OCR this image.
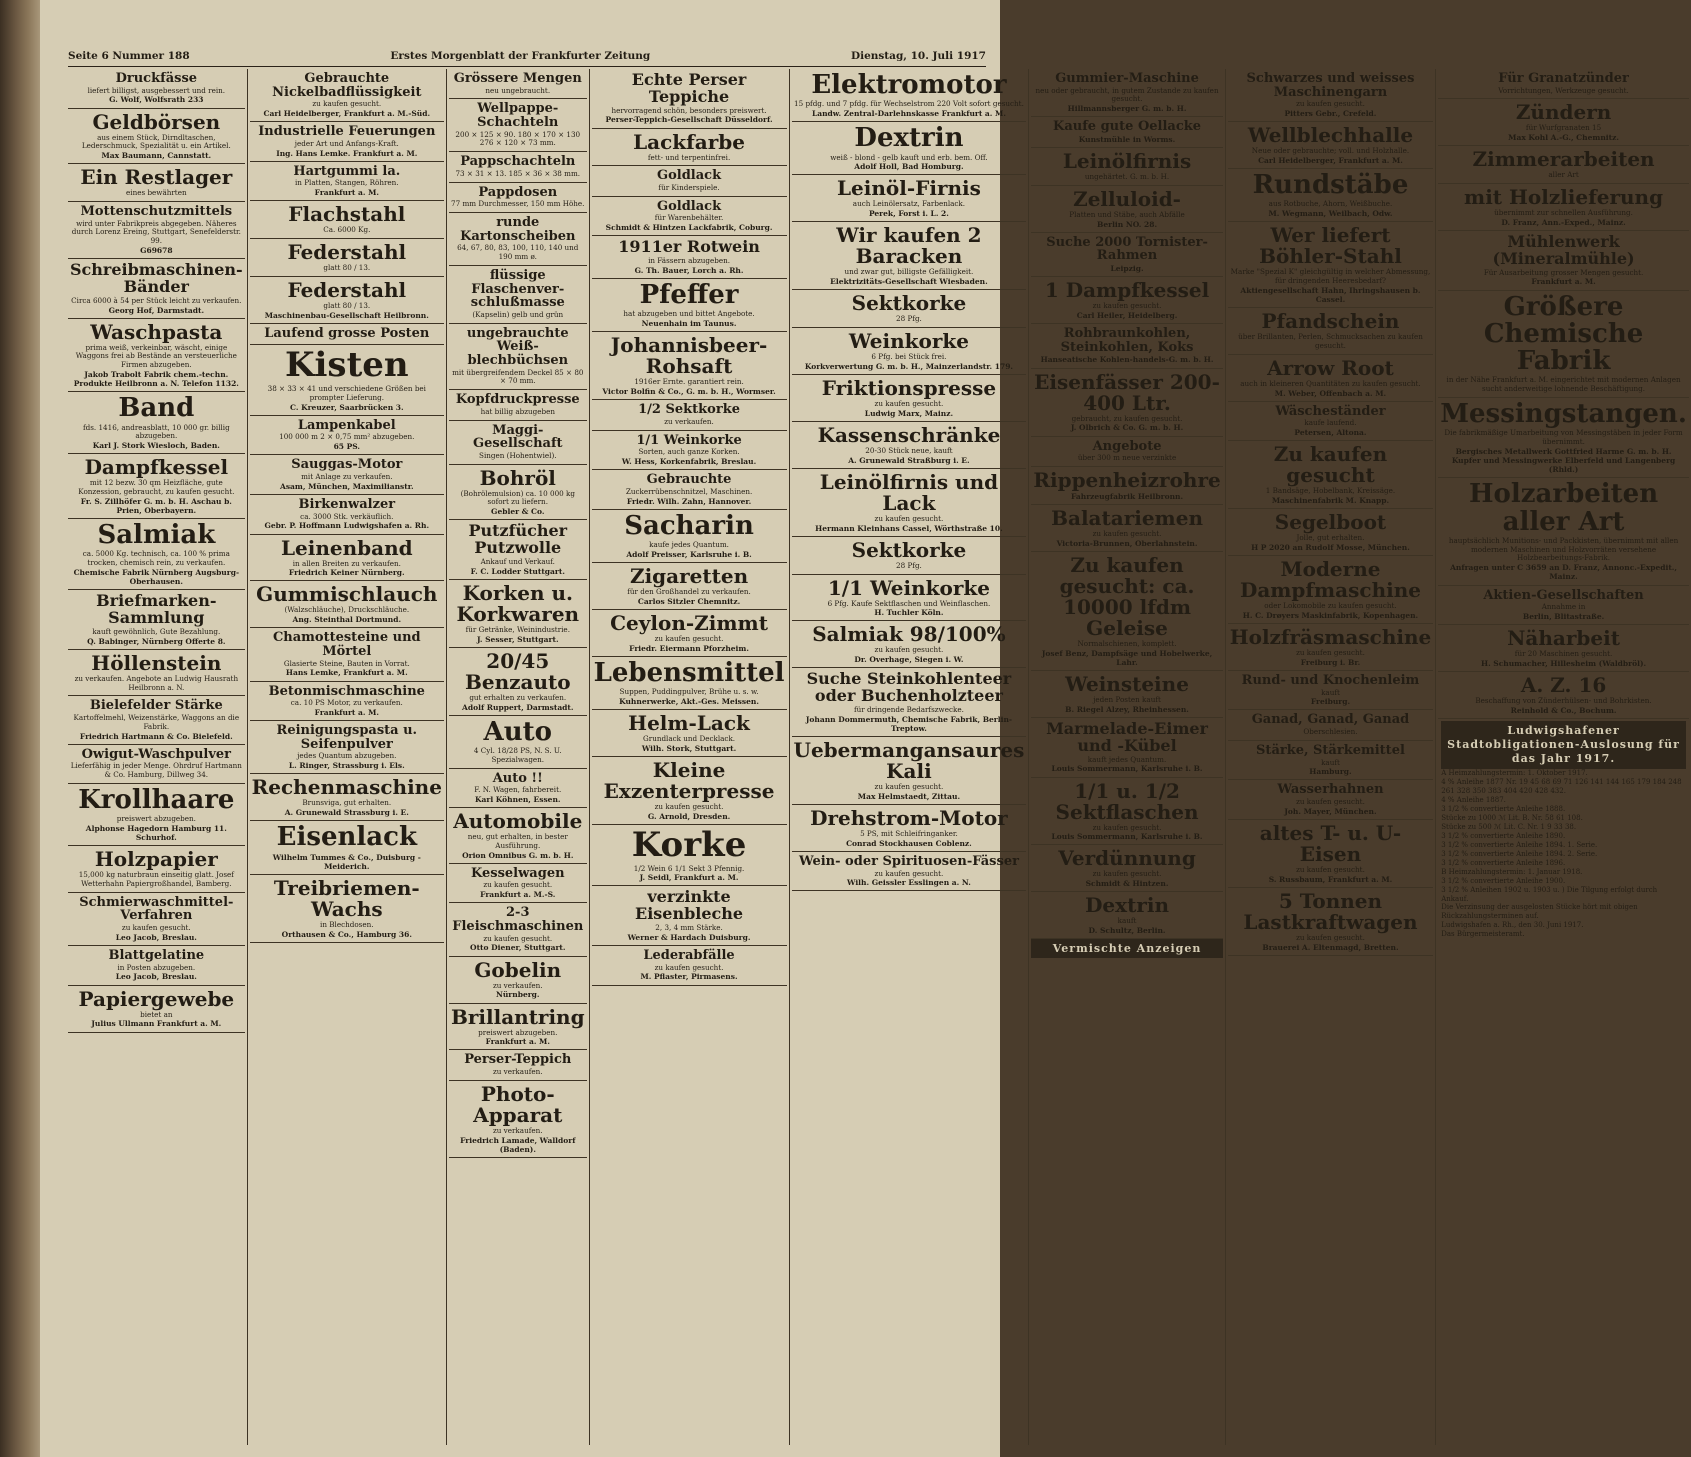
Seite 6 Nummer 188	Erstes Morgenblatt der Frankfurter Zeitung	Dienstag, 10. Juli 1917
Druckfässe
liefert billigst, ausgebessert und rein.
G. Wolf, Wolfsrath 233
Geldbörsen
aus einem Stück, Dirndltaschen, Lederschmuck, Spezialität u. ein Artikel.
Max Baumann, Cannstatt.
Ein Restlager
eines bewährten
Mottenschutzmittels
wird unter Fabrikpreis abgegeben. Näheres durch Lorenz Ereing, Stuttgart, Senefelderstr. 99.
G69678
Schreibmaschinen-Bänder
Circa 6000 à 54 per Stück leicht zu verkaufen.
Georg Hof, Darmstadt.
Waschpasta
prima weiß, verkeinbar, wäscht, einige Waggons frei ab Bestände an versteuerliche Firmen abzugeben.
Jakob Trabolt Fabrik chem.-techn. Produkte Heilbronn a. N. Telefon 1132.
Band
fds. 1416, andreasblatt, 10 000 gr. billig abzugeben.
Karl J. Stork Wiesloch, Baden.
Dampfkessel
mit 12 bezw. 30 qm Heizfläche, gute Konzession, gebraucht, zu kaufen gesucht.
Fr. S. Zillhöfer G. m. b. H. Aschau b. Prien, Oberbayern.
Salmiak
ca. 5000 Kg. technisch, ca. 100 % prima trocken, chemisch rein, zu verkaufen.
Chemische Fabrik Nürnberg Augsburg-Oberhausen.
Briefmarken-Sammlung
kauft gewöhnlich, Gute Bezahlung.
Q. Babinger, Nürnberg Offerte 8.
Höllenstein
zu verkaufen. Angebote an Ludwig Hausrath Heilbronn a. N.
Bielefelder Stärke
Kartoffelmehl, Weizenstärke, Waggons an die Fabrik.
Friedrich Hartmann & Co. Bielefeld.
Owigut-Waschpulver
Lieferfähig in jeder Menge. Ohrdruf Hartmann & Co. Hamburg, Dillweg 34.
Krollhaare
preiswert abzugeben.
Alphonse Hagedorn Hamburg 11. Schurhof.
Holzpapier
15,000 kg naturbraun einseitig glatt. Josef Wetterhahn Papiergroßhandel, Bamberg.
Schmierwaschmittel-Verfahren
zu kaufen gesucht.
Leo Jacob, Breslau.
Blattgelatine
in Posten abzugeben.
Leo Jacob, Breslau.
Papiergewebe
bietet an
Julius Ullmann Frankfurt a. M.
Gebrauchte Nickelbadflüssigkeit
zu kaufen gesucht.
Carl Heidelberger, Frankfurt a. M.-Süd.
Industrielle Feuerungen
jeder Art und Anfangs-Kraft.
Ing. Hans Lemke. Frankfurt a. M.
Hartgummi la.
in Platten, Stangen, Röhren.
Frankfurt a. M.
Flachstahl
Ca. 6000 Kg.
Federstahl
glatt 80 / 13.
Federstahl
glatt 80 / 13.
Maschinenbau-Gesellschaft Heilbronn.
Laufend grosse Posten
Kisten
38 × 33 × 41 und verschiedene Größen bei prompter Lieferung.
C. Kreuzer, Saarbrücken 3.
Lampenkabel
100 000 m 2 × 0,75 mm² abzugeben.
65 PS.
Sauggas-Motor
mit Anlage zu verkaufen.
Asam, München, Maximilianstr.
Birkenwalzer
ca. 3000 Stk. verkäuflich.
Gebr. P. Hoffmann Ludwigshafen a. Rh.
Leinenband
in allen Breiten zu verkaufen.
Friedrich Keiner Nürnberg.
Gummischlauch
(Walzschläuche), Druckschläuche.
Ang. Steinthal Dortmund.
Chamottesteine und Mörtel
Glasierte Steine, Bauten in Vorrat.
Hans Lemke, Frankfurt a. M.
Betonmischmaschine
ca. 10 PS Motor, zu verkaufen.
Frankfurt a. M.
Reinigungspasta u. Seifenpulver
jedes Quantum abzugeben.
L. Ringer, Strassburg i. Els.
Rechenmaschine
Brunsviga, gut erhalten.
A. Grunewald Strassburg i. E.
Eisenlack
Wilhelm Tummes & Co., Duisburg - Meiderich.
Treibriemen-Wachs
in Blechdosen.
Orthausen & Co., Hamburg 36.
Grössere Mengen
neu ungebraucht.
Wellpappe-Schachteln
200 × 125 × 90. 180 × 170 × 130 276 × 120 × 73 mm.
Pappschachteln
73 × 31 × 13. 185 × 36 × 38 mm.
Pappdosen
77 mm Durchmesser, 150 mm Höhe.
runde Kartonscheiben
64, 67, 80, 83, 100, 110, 140 und 190 mm ø.
flüssige Flaschenver-schlußmasse
(Kapselin) gelb und grün
ungebrauchte Weiß-blechbüchsen
mit übergreifendem Deckel 85 × 80 × 70 mm.
Kopfdruckpresse
hat billig abzugeben
Maggi-Gesellschaft
Singen (Hohentwiel).
Bohröl
(Bohrölemulsion) ca. 10 000 kg sofort zu liefern.
Gebler & Co.
Putzfücher Putzwolle
Ankauf und Verkauf.
F. C. Lodder Stuttgart.
Korken u. Korkwaren
für Getränke, Weinindustrie.
J. Sesser, Stuttgart.
20/45 Benzauto
gut erhalten zu verkaufen.
Adolf Ruppert, Darmstadt.
Auto
4 Cyl. 18/28 PS, N. S. U. Spezialwagen.
Auto !!
F. N. Wagen, fahrbereit.
Karl Köhnen, Essen.
Automobile
neu, gut erhalten, in bester Ausführung.
Orion Omnibus G. m. b. H.
Kesselwagen
zu kaufen gesucht.
Frankfurt a. M.-S.
2-3 Fleischmaschinen
zu kaufen gesucht.
Otto Diener, Stuttgart.
Gobelin
zu verkaufen.
Nürnberg.
Brillantring
preiswert abzugeben.
Frankfurt a. M.
Perser-Teppich
zu verkaufen.
Photo-Apparat
zu verkaufen.
Friedrich Lamade, Walldorf (Baden).
Echte Perser Teppiche
hervorragend schön, besonders preiswert.
Perser-Teppich-Gesellschaft Düsseldorf.
Lackfarbe
fett- und terpentinfrei.
Goldlack
für Kinderspiele.
Goldlack
für Warenbehälter.
Schmidt & Hintzen Lackfabrik, Coburg.
1911er Rotwein
in Fässern abzugeben.
G. Th. Bauer, Lorch a. Rh.
Pfeffer
hat abzugeben und bittet Angebote.
Neuenhain im Taunus.
Johannisbeer-Rohsaft
1916er Ernte. garantiert rein.
Victor Bolfin & Co., G. m. b. H., Wormser.
1/2 Sektkorke
zu verkaufen.
1/1 Weinkorke
Sorten, auch ganze Korken.
W. Hess, Korkenfabrik, Breslau.
Gebrauchte
Zuckerrübenschnitzel, Maschinen.
Friedr. Wilh. Zahn, Hannover.
Sacharin
kaufe jedes Quantum.
Adolf Preisser, Karlsruhe i. B.
Zigaretten
für den Großhandel zu verkaufen.
Carlos Sitzler Chemnitz.
Ceylon-Zimmt
zu kaufen gesucht.
Friedr. Eiermann Pforzheim.
Lebensmittel
Suppen, Puddingpulver, Brühe u. s. w.
Kuhnerwerke, Akt.-Ges. Meissen.
Helm-Lack
Grundlack und Decklack.
Wilh. Stork, Stuttgart.
Kleine Exzenterpresse
zu kaufen gesucht.
G. Arnold, Dresden.
Korke
1/2 Wein 6 1/1 Sekt 3 Pfennig.
J. Seidl, Frankfurt a. M.
verzinkte Eisenbleche
2, 3, 4 mm Stärke.
Werner & Hardach Duisburg.
Lederabfälle
zu kaufen gesucht.
M. Pflaster, Pirmasens.
Elektromotor
15 pfdg. und 7 pfdg. für Wechselstrom 220 Volt sofort gesucht.
Landw. Zentral-Darlehnskasse Frankfurt a. M.
Dextrin
weiß - blond - gelb kauft und erb. bem. Off.
Adolf Holl, Bad Homburg.
Leinöl-Firnis
auch Leinölersatz, Farbenlack.
Perek, Forst i. L. 2.
Wir kaufen 2 Baracken
und zwar gut, billigste Gefälligkeit.
Elektrizitäts-Gesellschaft Wiesbaden.
Sektkorke
28 Pfg.
Weinkorke
6 Pfg. bei Stück frei.
Korkverwertung G. m. b. H., Mainzerlandstr. 179.
Friktionspresse
zu kaufen gesucht.
Ludwig Marx, Mainz.
Kassenschränke
20-30 Stück neue, kauft
A. Grunewald Straßburg i. E.
Leinölfirnis und Lack
zu kaufen gesucht.
Hermann Kleinhans Cassel, Wörthstraße 10.
Sektkorke
28 Pfg.
1/1 Weinkorke
6 Pfg. Kaufe Sektflaschen und Weinflaschen.
H. Tuchler Köln.
Salmiak 98/100%
zu kaufen gesucht.
Dr. Overhage, Siegen i. W.
Suche Steinkohlenteer oder Buchenholzteer
für dringende Bedarfszwecke.
Johann Dommermuth, Chemische Fabrik, Berlin-Treptow.
Uebermangansaures Kali
zu kaufen gesucht.
Max Helmstaedt, Zittau.
Drehstrom-Motor
5 PS, mit Schleifringanker.
Conrad Stockhausen Coblenz.
Wein- oder Spirituosen-Fässer
zu kaufen gesucht.
Wilh. Geissler Esslingen a. N.
Gummier-Maschine
neu oder gebraucht, in gutem Zustande zu kaufen gesucht.
Hillmannsberger G. m. b. H.
Kaufe gute Oellacke
Kunstmühle in Worms.
Leinölfirnis
ungehärtet. G. m. b. H.
Zelluloid-
Platten und Stäbe, auch Abfälle
Berlin NO. 28.
Suche 2000 Tornister-Rahmen
Leipzig.
1 Dampfkessel
zu kaufen gesucht.
Carl Heiler, Heidelberg.
Rohbraunkohlen, Steinkohlen, Koks
Hanseatische Kohlen-handels-G. m. b. H.
Eisenfässer 200-400 Ltr.
gebraucht, zu kaufen gesucht.
J. Olbrich & Co. G. m. b. H.
Angebote
über 300 m neue verzinkte
Rippenheizrohre
Fahrzeugfabrik Heilbronn.
Balatariemen
zu kaufen gesucht.
Victoria-Brunnen, Oberlahnstein.
Zu kaufen gesucht: ca. 10000 lfdm Geleise
Normalschienen, komplett.
Josef Benz, Dampfsäge und Hobelwerke, Lahr.
Weinsteine
jeden Posten kauft
B. Riegel Alzey, Rheinhessen.
Marmelade-Eimer und -Kübel
kauft jedes Quantum.
Louis Sommermann, Karlsruhe i. B.
1/1 u. 1/2 Sektflaschen
zu kaufen gesucht.
Louis Sommermann, Karlsruhe i. B.
Verdünnung
zu kaufen gesucht.
Schmidt & Hintzen.
Dextrin
kauft
D. Schultz, Berlin.
Vermischte Anzeigen
Schwarzes und weisses Maschinengarn
zu kaufen gesucht.
Pitters Gebr., Crefeld.
Wellblechhalle
Neue oder gebrauchte; voll. und Holzhalle.
Carl Heidelberger, Frankfurt a. M.
Rundstäbe
aus Rotbuche, Ahorn, Weißbuche.
M. Wegmann, Weilbach, Odw.
Wer liefert Böhler-Stahl
Marke "Spezial K" gleichgültig in welcher Abmessung, für dringenden Heeresbedarf?
Aktiengesellschaft Hahn, Ihringshausen b. Cassel.
Pfandschein
über Brillanten, Perlen, Schmucksachen zu kaufen gesucht.
Arrow Root
auch in kleineren Quantitäten zu kaufen gesucht.
M. Weber, Offenbach a. M.
Wäscheständer
kaufe laufend.
Petersen, Altona.
Zu kaufen gesucht
1 Bandsäge, Hobelbank, Kreissäge.
Maschinenfabrik M. Knapp.
Segelboot
Jolle, gut erhalten.
H P 2020 an Rudolf Mosse, München.
Moderne Dampfmaschine
oder Lokomobile zu kaufen gesucht.
H. C. Drøyers Maskinfabrik, Kopenhagen.
Holzfräsmaschine
zu kaufen gesucht.
Freiburg i. Br.
Rund- und Knochenleim
kauft
Freiburg.
Ganad, Ganad, Ganad
Oberschlesien.
Stärke, Stärkemittel
kauft
Hamburg.
Wasserhahnen
zu kaufen gesucht.
Joh. Mayer, München.
altes T- u. U-Eisen
zu kaufen gesucht.
S. Russbaum, Frankfurt a. M.
5 Tonnen Lastkraftwagen
zu kaufen gesucht.
Brauerei A. Eltenmagd, Bretten.
Für Granatzünder
Vorrichtungen, Werkzeuge gesucht.
Zündern
für Wurfgranaten 15
Max Kohl A.-G., Chemnitz.
Zimmerarbeiten
aller Art
mit Holzlieferung
übernimmt zur schnellen Ausführung.
D. Franz, Ann.-Exped., Mainz.
Mühlenwerk (Mineralmühle)
Für Ausarbeitung grosser Mengen gesucht.
Frankfurt a. M.
Größere Chemische Fabrik
in der Nähe Frankfurt a. M. eingerichtet mit modernen Anlagen sucht anderweitige lohnende Beschäftigung.
Messingstangen.
Die fabrikmäßige Umarbeitung von Messingstäben in jeder Form übernimmt.
Bergisches Metallwerk Gottfried Harme G. m. b. H. Kupfer und Messingwerke Elberfeld und Langenberg (Rhld.)
Holzarbeiten aller Art
hauptsächlich Munitions- und Packkisten, übernimmt mit allen modernen Maschinen und Holzvorräten versehene Holzbearbeitungs-Fabrik.
Anfragen unter C 3659 an D. Franz, Annonc.-Expedit., Mainz.
Aktien-Gesellschaften
Annahme in
Berlin, Blitastraße.
Näharbeit
für 20 Maschinen gesucht.
H. Schumacher, Hillesheim (Waldbröl).
A. Z. 16
Beschaffung von Zünderhülsen- und Bohrkisten.
Reinhold & Co., Bochum.
Ludwigshafener Stadtobligationen-Auslosung für das Jahr 1917.
A Heimzahlungstermin: 1. Oktober 1917.
4 % Anleihe 1877 Nr. 19 45 68 69 71 126 141 144 165 179 184 248 261 328 350 383 404 420 428 432.
4 % Anleihe 1887.
3 1/2 % convertierte Anleihe 1888.
Stücke zu 1000 ℳ Lit. B. Nr. 58 61 108.
Stücke zu 500 ℳ Lit. C. Nr. 1 9 33 38.
3 1/2 % convertierte Anleihe 1890.
3 1/2 % convertierte Anleihe 1894. 1. Serie.
3 1/2 % convertierte Anleihe 1894. 2. Serie.
3 1/2 % convertierte Anleihe 1896.
B Heimzahlungstermin: 1. Januar 1918.
3 1/2 % convertierte Anleihe 1900.
3 1/2 % Anleihen 1902 u. 1903 u. ) Die Tilgung erfolgt durch Ankauf.
Die Verzinsung der ausgelosten Stücke hört mit obigen Rückzahlungsterminen auf.
Ludwigshafen a. Rh., den 30. Juni 1917.
Das Bürgermeisteramt.
